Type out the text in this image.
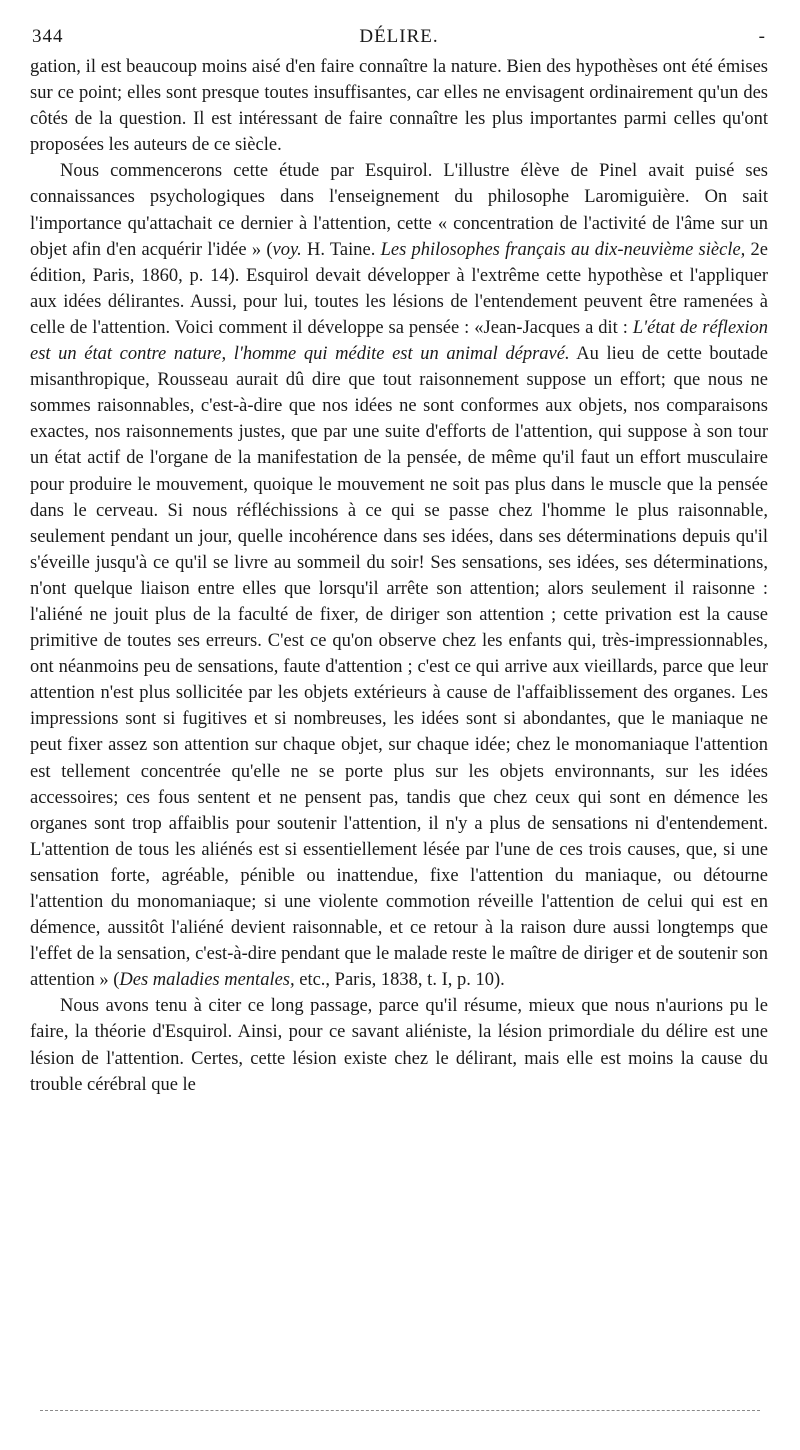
344	DÉLIRE.	-

gation, il est beaucoup moins aisé d'en faire connaître la nature. Bien des hypothèses ont été émises sur ce point; elles sont presque toutes insuffisantes, car elles ne envisagent ordinairement qu'un des côtés de la question. Il est intéressant de faire connaître les plus importantes parmi celles qu'ont proposées les auteurs de ce siècle.

Nous commencerons cette étude par Esquirol. L'illustre élève de Pinel avait puisé ses connaissances psychologiques dans l'enseignement du philosophe Laromiguière. On sait l'importance qu'attachait ce dernier à l'attention, cette « concentration de l'activité de l'âme sur un objet afin d'en acquérir l'idée » (voy. H. Taine. Les philosophes français au dix-neuvième siècle, 2e édition, Paris, 1860, p. 14). Esquirol devait développer à l'extrême cette hypothèse et l'appliquer aux idées délirantes. Aussi, pour lui, toutes les lésions de l'entendement peuvent être ramenées à celle de l'attention. Voici comment il développe sa pensée : «Jean-Jacques a dit : L'état de réflexion est un état contre nature, l'homme qui médite est un animal dépravé. Au lieu de cette boutade misanthropique, Rousseau aurait dû dire que tout raisonnement suppose un effort; que nous ne sommes raisonnables, c'est-à-dire que nos idées ne sont conformes aux objets, nos comparaisons exactes, nos raisonnements justes, que par une suite d'efforts de l'attention, qui suppose à son tour un état actif de l'organe de la manifestation de la pensée, de même qu'il faut un effort musculaire pour produire le mouvement, quoique le mouvement ne soit pas plus dans le muscle que la pensée dans le cerveau. Si nous réfléchissions à ce qui se passe chez l'homme le plus raisonnable, seulement pendant un jour, quelle incohérence dans ses idées, dans ses déterminations depuis qu'il s'éveille jusqu'à ce qu'il se livre au sommeil du soir! Ses sensations, ses idées, ses déterminations, n'ont quelque liaison entre elles que lorsqu'il arrête son attention; alors seulement il raisonne : l'aliéné ne jouit plus de la faculté de fixer, de diriger son attention ; cette privation est la cause primitive de toutes ses erreurs. C'est ce qu'on observe chez les enfants qui, très-impressionnables, ont néanmoins peu de sensations, faute d'attention ; c'est ce qui arrive aux vieillards, parce que leur attention n'est plus sollicitée par les objets extérieurs à cause de l'affaiblissement des organes. Les impressions sont si fugitives et si nombreuses, les idées sont si abondantes, que le maniaque ne peut fixer assez son attention sur chaque objet, sur chaque idée; chez le monomaniaque l'attention est tellement concentrée qu'elle ne se porte plus sur les objets environnants, sur les idées accessoires; ces fous sentent et ne pensent pas, tandis que chez ceux qui sont en démence les organes sont trop affaiblis pour soutenir l'attention, il n'y a plus de sensations ni d'entendement. L'attention de tous les aliénés est si essentiellement lésée par l'une de ces trois causes, que, si une sensation forte, agréable, pénible ou inattendue, fixe l'attention du maniaque, ou détourne l'attention du monomaniaque; si une violente commotion réveille l'attention de celui qui est en démence, aussitôt l'aliéné devient raisonnable, et ce retour à la raison dure aussi longtemps que l'effet de la sensation, c'est-à-dire pendant que le malade reste le maître de diriger et de soutenir son attention » (Des maladies mentales, etc., Paris, 1838, t. I, p. 10).

Nous avons tenu à citer ce long passage, parce qu'il résume, mieux que nous n'aurions pu le faire, la théorie d'Esquirol. Ainsi, pour ce savant aliéniste, la lésion primordiale du délire est une lésion de l'attention. Certes, cette lésion existe chez le délirant, mais elle est moins la cause du trouble cérébral que le
